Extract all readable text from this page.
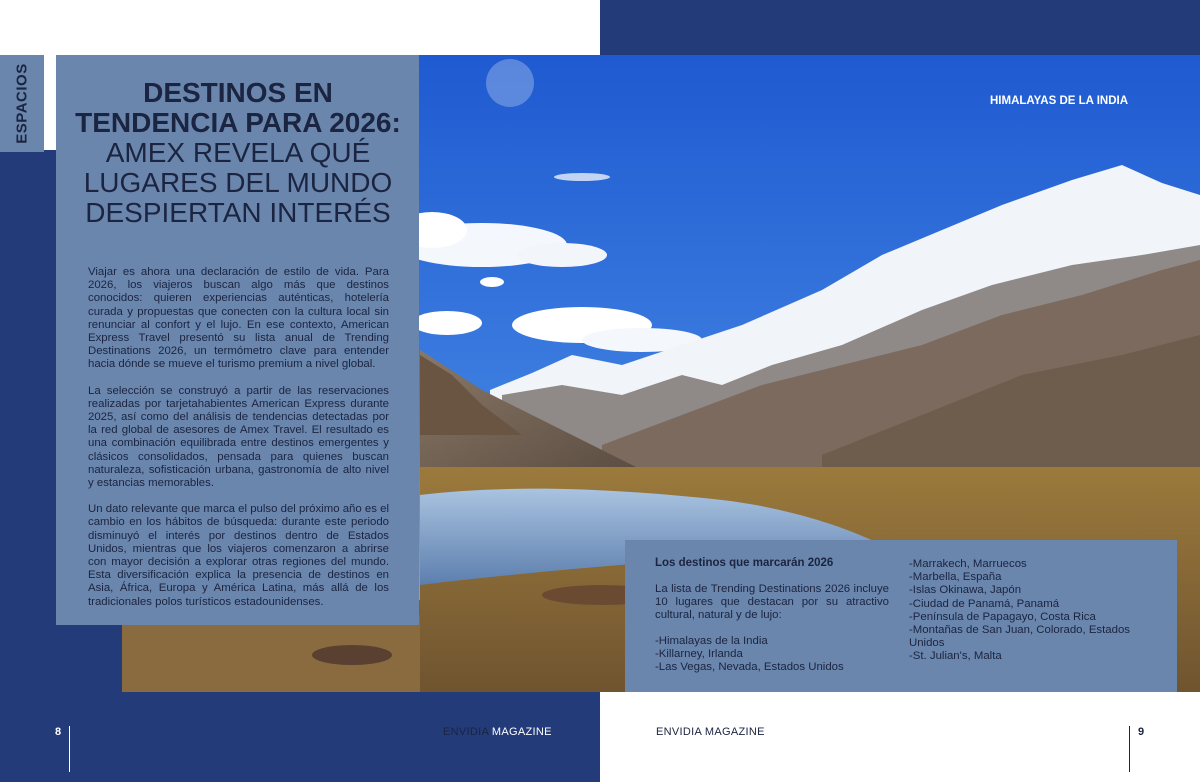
ESPACIOS	DESTINOS EN TENDENCIA PARA 2026: AMEX REVELA QUÉ LUGARES DEL MUNDO DESPIERTAN INTERÉS

Viajar es ahora una declaración de estilo de vida. Para 2026, los viajeros buscan algo más que destinos conocidos: quieren experiencias auténticas, hotelería curada y propuestas que conecten con la cultura local sin renunciar al confort y el lujo. En ese contexto, American Express Travel presentó su lista anual de Trending Destinations 2026, un termómetro clave para entender hacia dónde se mueve el turismo premium a nivel global.

La selección se construyó a partir de las reservaciones realizadas por tarjetahabientes American Express durante 2025, así como del análisis de tendencias detectadas por la red global de asesores de Amex Travel. El resultado es una combinación equilibrada entre destinos emergentes y clásicos consolidados, pensada para quienes buscan naturaleza, sofisticación urbana, gastronomía de alto nivel y estancias memorables.

Un dato relevante que marca el pulso del próximo año es el cambio en los hábitos de búsqueda: durante este periodo disminuyó el interés por destinos dentro de Estados Unidos, mientras que los viajeros comenzaron a abrirse con mayor decisión a explorar otras regiones del mundo. Esta diversificación explica la presencia de destinos en Asia, África, Europa y América Latina, más allá de los tradicionales polos turísticos estadounidenses.

HIMALAYAS DE LA INDIA
Los destinos que marcarán 2026
La lista de Trending Destinations 2026 incluye 10 lugares que destacan por su atractivo cultural, natural y de lujo:
-Himalayas de la India
-Killarney, Irlanda
-Las Vegas, Nevada, Estados Unidos
-Marrakech, Marruecos
-Marbella, España
-Islas Okinawa, Japón
-Ciudad de Panamá, Panamá
-Península de Papagayo, Costa Rica
-Montañas de San Juan, Colorado, Estados Unidos
-St. Julian's, Malta
8	ENVIDIA MAGAZINE	ENVIDIA MAGAZINE	9
